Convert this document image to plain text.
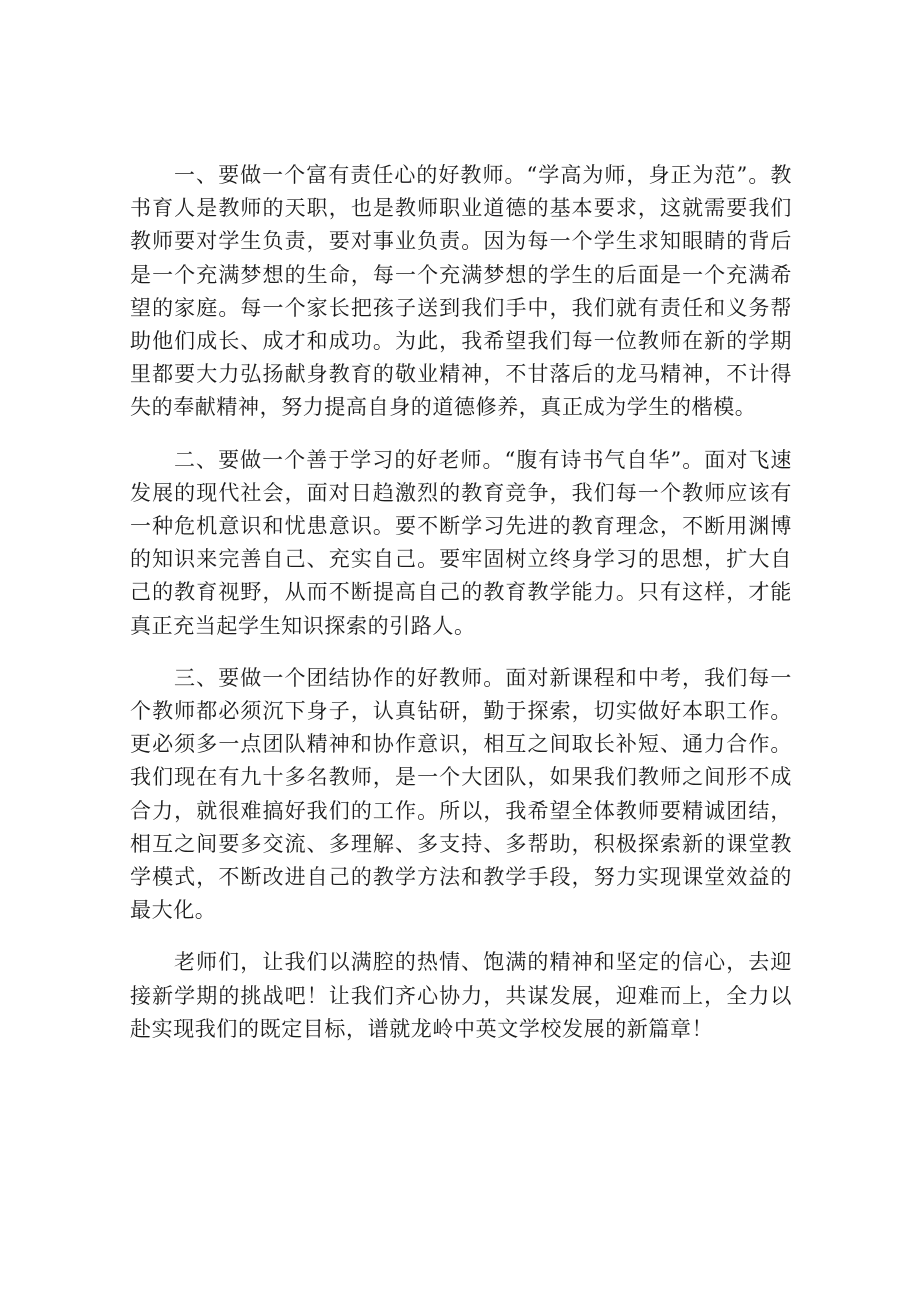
一、要做一个富有责任心的好教师。“学高为师，身正为范”。教书育人是教师的天职，也是教师职业道德的基本要求，这就需要我们教师要对学生负责，要对事业负责。因为每一个学生求知眼睛的背后是一个充满梦想的生命，每一个充满梦想的学生的后面是一个充满希望的家庭。每一个家长把孩子送到我们手中，我们就有责任和义务帮助他们成长、成才和成功。为此，我希望我们每一位教师在新的学期里都要大力弘扬献身教育的敬业精神，不甘落后的龙马精神，不计得失的奉献精神，努力提高自身的道德修养，真正成为学生的楷模。

二、要做一个善于学习的好老师。“腹有诗书气自华”。面对飞速发展的现代社会，面对日趋激烈的教育竞争，我们每一个教师应该有一种危机意识和忧患意识。要不断学习先进的教育理念，不断用渊博的知识来完善自己、充实自己。要牢固树立终身学习的思想，扩大自己的教育视野，从而不断提高自己的教育教学能力。只有这样，才能真正充当起学生知识探索的引路人。

三、要做一个团结协作的好教师。面对新课程和中考，我们每一个教师都必须沉下身子，认真钻研，勤于探索，切实做好本职工作。更必须多一点团队精神和协作意识，相互之间取长补短、通力合作。我们现在有九十多名教师，是一个大团队，如果我们教师之间形不成合力，就很难搞好我们的工作。所以，我希望全体教师要精诚团结，相互之间要多交流、多理解、多支持、多帮助，积极探索新的课堂教学模式，不断改进自己的教学方法和教学手段，努力实现课堂效益的最大化。

老师们，让我们以满腔的热情、饱满的精神和坚定的信心，去迎接新学期的挑战吧！让我们齐心协力，共谋发展，迎难而上，全力以赴实现我们的既定目标，谱就龙岭中英文学校发展的新篇章！
